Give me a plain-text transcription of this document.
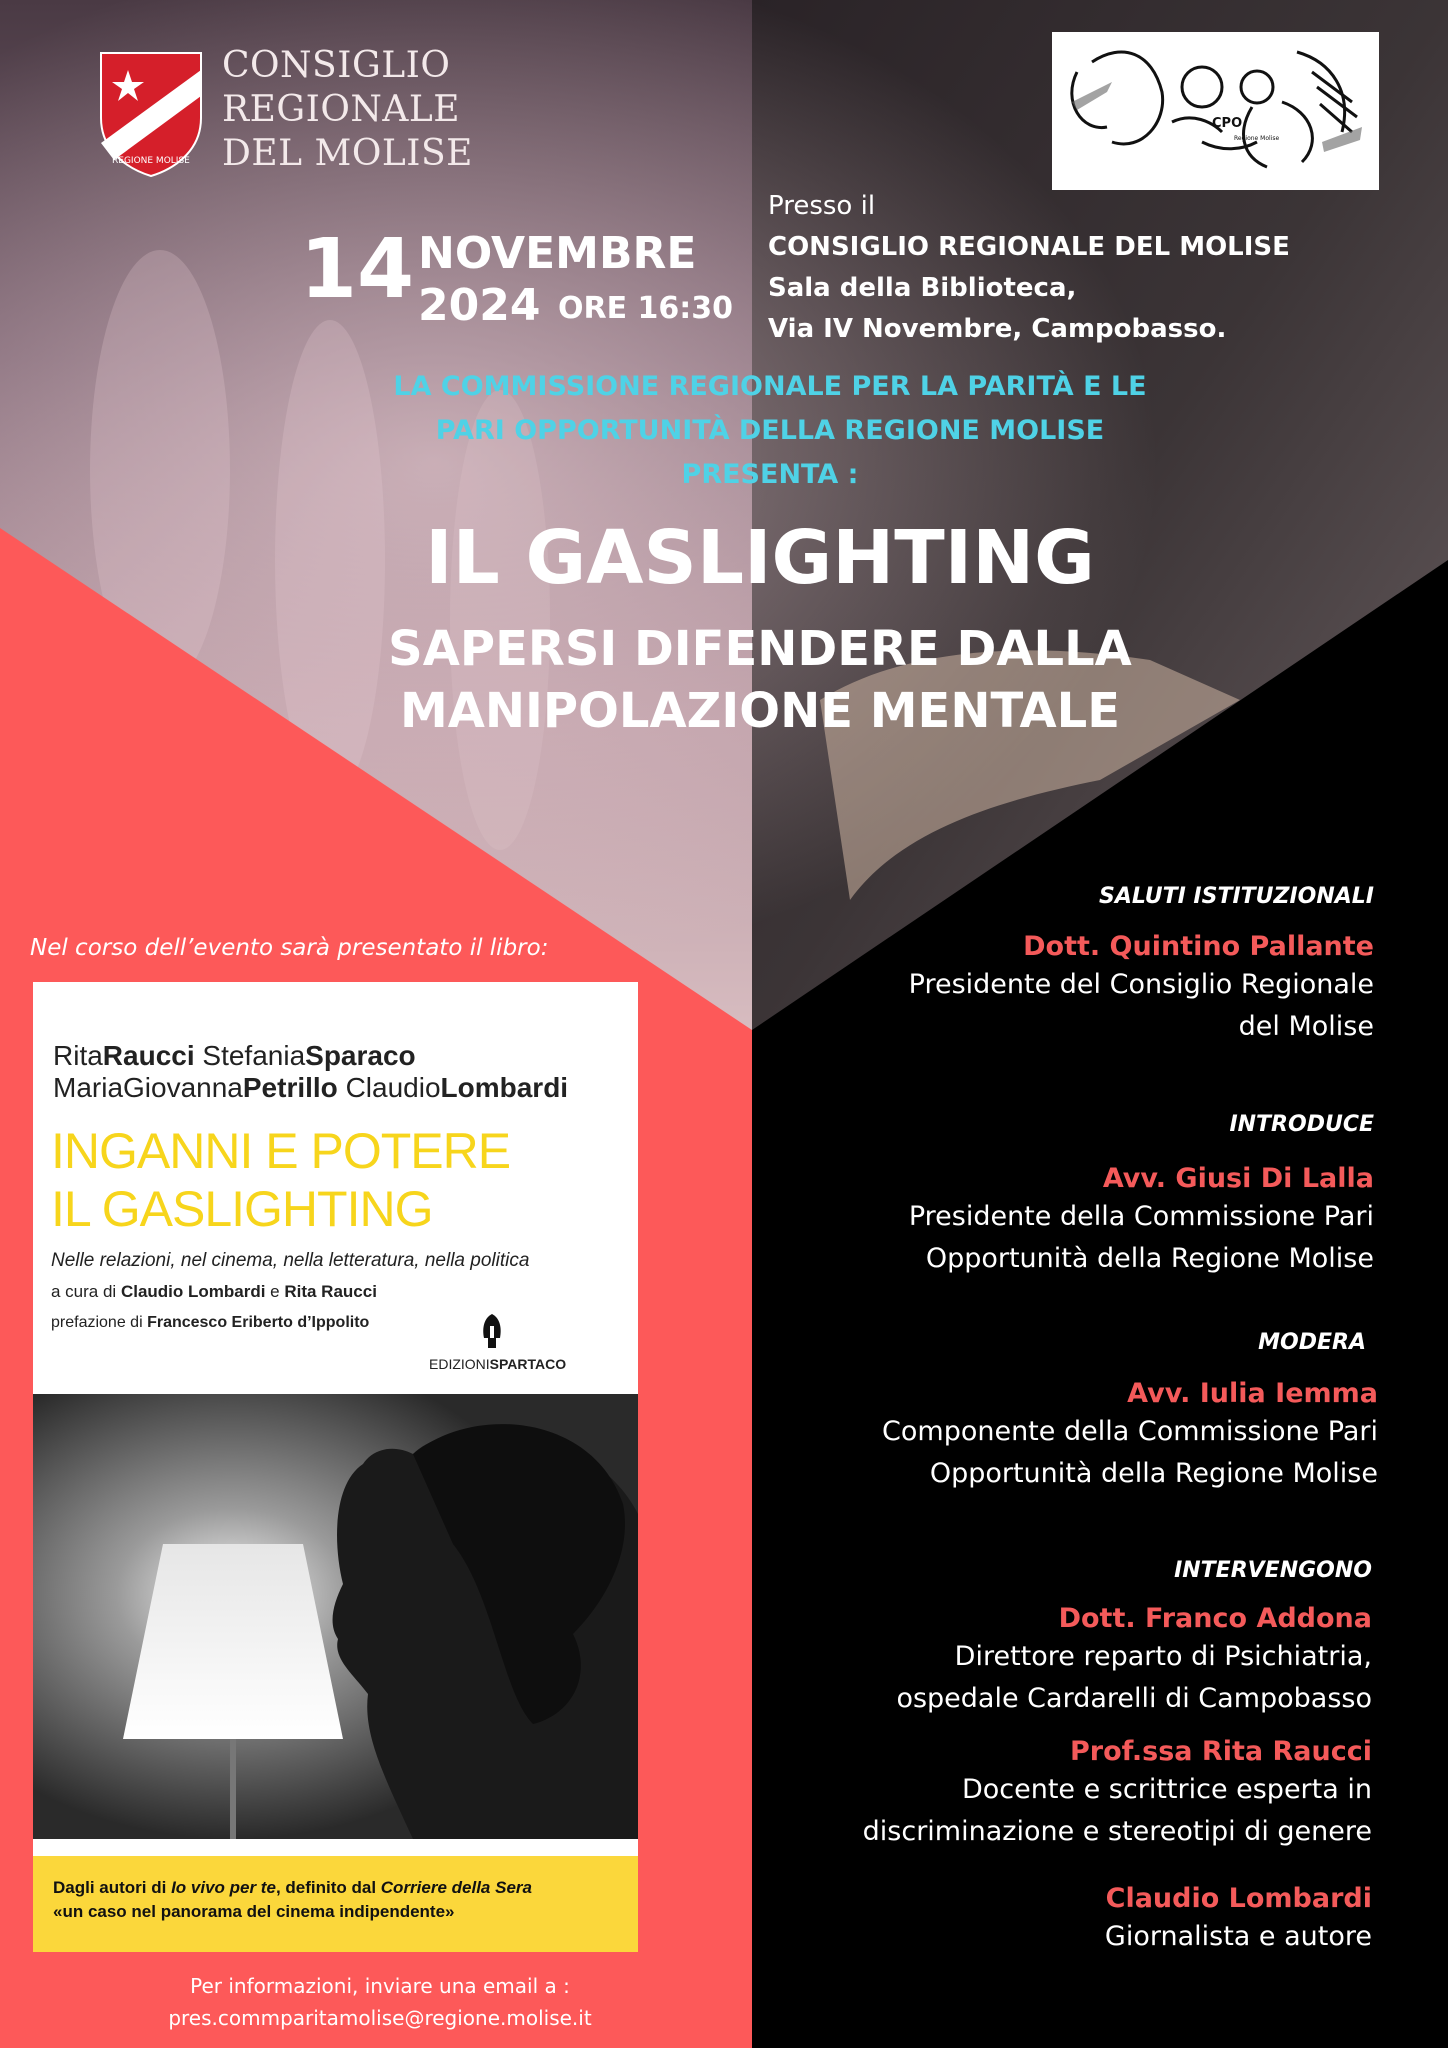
REGIONE MOLISE
CONSIGLIO
REGIONALE
DEL MOLISE
CPO
Regione Molise
14 NOVEMBRE
2024 ORE 16:30
Presso il
CONSIGLIO REGIONALE DEL MOLISE
Sala della Biblioteca,
Via IV Novembre, Campobasso.
LA COMMISSIONE REGIONALE PER LA PARITÀ E LE
PARI OPPORTUNITÀ DELLA REGIONE MOLISE
PRESENTA :
IL GASLIGHTING
SAPERSI DIFENDERE DALLA
MANIPOLAZIONE MENTALE
Nel corso dell’evento sarà presentato il libro:
RitaRaucci StefaniaSparaco
MariaGiovannaPetrillo ClaudioLombardi
INGANNI E POTERE
IL GASLIGHTING
Nelle relazioni, nel cinema, nella letteratura, nella politica
a cura di Claudio Lombardi e Rita Raucci
prefazione di Francesco Eriberto d’Ippolito
EDIZIONISPARTACO
Dagli autori di Io vivo per te, definito dal Corriere della Sera
«un caso nel panorama del cinema indipendente»
Per informazioni, inviare una email a :
pres.commparitamolise@regione.molise.it
SALUTI ISTITUZIONALI
Dott. Quintino Pallante
Presidente del Consiglio Regionale
del Molise
INTRODUCE
Avv. Giusi Di Lalla
Presidente della Commissione Pari
Opportunità della Regione Molise
MODERA
Avv. Iulia Iemma
Componente della Commissione Pari
Opportunità della Regione Molise
INTERVENGONO
Dott. Franco Addona
Direttore reparto di Psichiatria,
ospedale Cardarelli di Campobasso
Prof.ssa Rita Raucci
Docente e scrittrice esperta in
discriminazione e stereotipi di genere
Claudio Lombardi
Giornalista e autore
